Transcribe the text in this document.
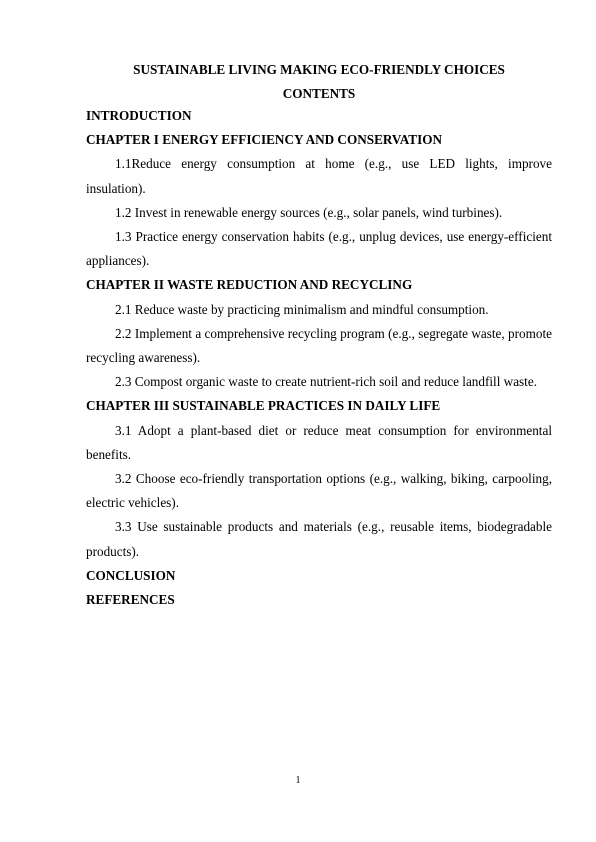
SUSTAINABLE LIVING MAKING ECO-FRIENDLY CHOICES
CONTENTS
INTRODUCTION
CHAPTER I ENERGY EFFICIENCY AND CONSERVATION
1.1Reduce energy consumption at home (e.g., use LED lights, improve insulation).
1.2 Invest in renewable energy sources (e.g., solar panels, wind turbines).
1.3 Practice energy conservation habits (e.g., unplug devices, use energy-efficient appliances).
CHAPTER II WASTE REDUCTION AND RECYCLING
2.1 Reduce waste by practicing minimalism and mindful consumption.
2.2 Implement a comprehensive recycling program (e.g., segregate waste, promote recycling awareness).
2.3 Compost organic waste to create nutrient-rich soil and reduce landfill waste.
CHAPTER III SUSTAINABLE PRACTICES IN DAILY LIFE
3.1 Adopt a plant-based diet or reduce meat consumption for environmental benefits.
3.2 Choose eco-friendly transportation options (e.g., walking, biking, carpooling, electric vehicles).
3.3 Use sustainable products and materials (e.g., reusable items, biodegradable products).
CONCLUSION
REFERENCES
1
